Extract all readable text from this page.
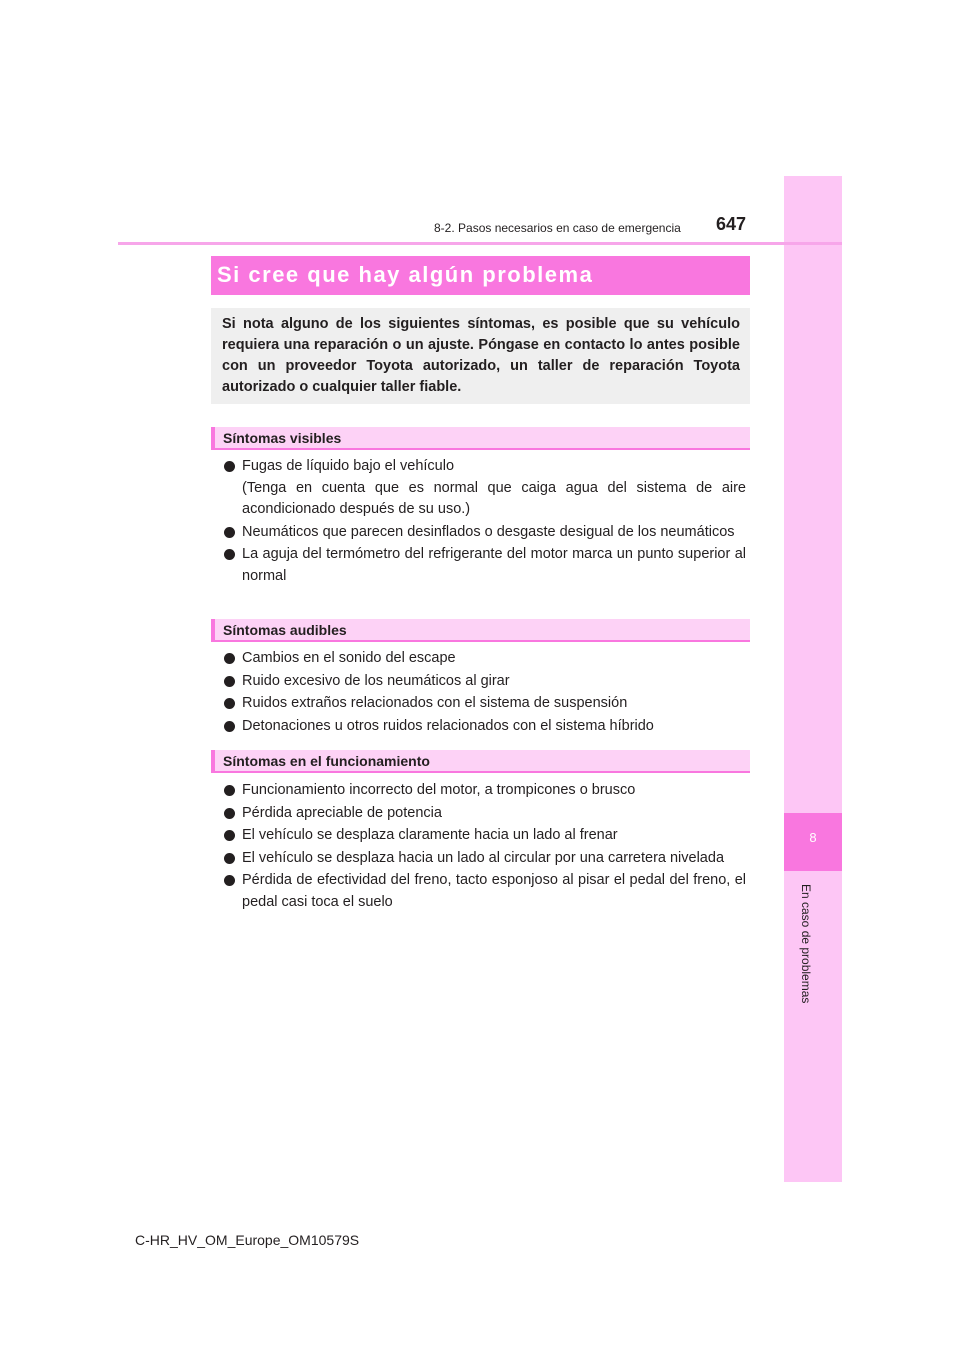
8
En caso de problemas
8-2. Pasos necesarios en caso de emergencia 647
Si cree que hay algún problema
Si nota alguno de los siguientes síntomas, es posible que su vehículo requiera una reparación o un ajuste. Póngase en contacto lo antes posible con un proveedor Toyota autorizado, un taller de reparación Toyota autorizado o cualquier taller fiable.
Síntomas visibles
Fugas de líquido bajo el vehículo
(Tenga en cuenta que es normal que caiga agua del sistema de aire acondicionado después de su uso.)
Neumáticos que parecen desinflados o desgaste desigual de los neumáticos
La aguja del termómetro del refrigerante del motor marca un punto superior al normal
Síntomas audibles
Cambios en el sonido del escape
Ruido excesivo de los neumáticos al girar
Ruidos extraños relacionados con el sistema de suspensión
Detonaciones u otros ruidos relacionados con el sistema híbrido
Síntomas en el funcionamiento
Funcionamiento incorrecto del motor, a trompicones o brusco
Pérdida apreciable de potencia
El vehículo se desplaza claramente hacia un lado al frenar
El vehículo se desplaza hacia un lado al circular por una carretera nivelada
Pérdida de efectividad del freno, tacto esponjoso al pisar el pedal del freno, el pedal casi toca el suelo
C-HR_HV_OM_Europe_OM10579S
